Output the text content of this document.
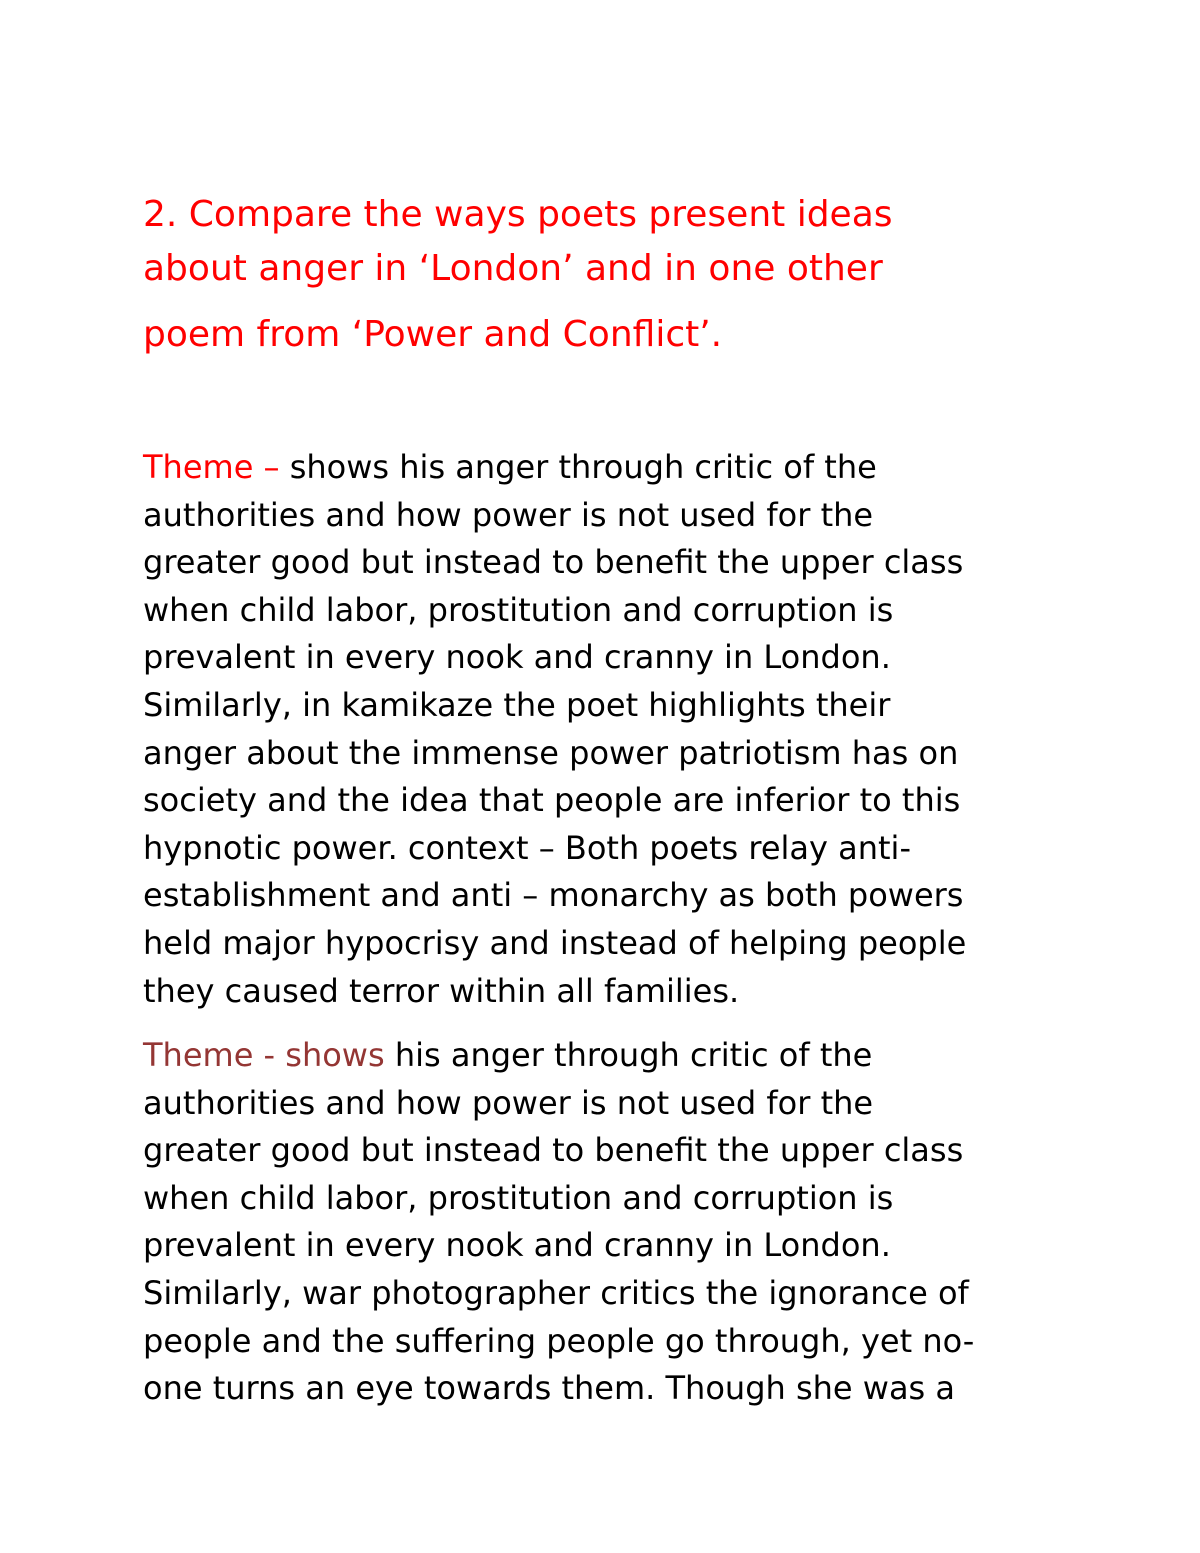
2. Compare the ways poets present ideas
about anger in ‘London’ and in one other
poem from ‘Power and Conflict’.

Theme – shows his anger through critic of the
authorities and how power is not used for the
greater good but instead to benefit the upper class
when child labor, prostitution and corruption is
prevalent in every nook and cranny in London.
Similarly, in kamikaze the poet highlights their
anger about the immense power patriotism has on
society and the idea that people are inferior to this
hypnotic power. context – Both poets relay anti-
establishment and anti – monarchy as both powers
held major hypocrisy and instead of helping people
they caused terror within all families.

Theme - shows his anger through critic of the
authorities and how power is not used for the
greater good but instead to benefit the upper class
when child labor, prostitution and corruption is
prevalent in every nook and cranny in London.
Similarly, war photographer critics the ignorance of
people and the suffering people go through, yet no-
one turns an eye towards them. Though she was a
